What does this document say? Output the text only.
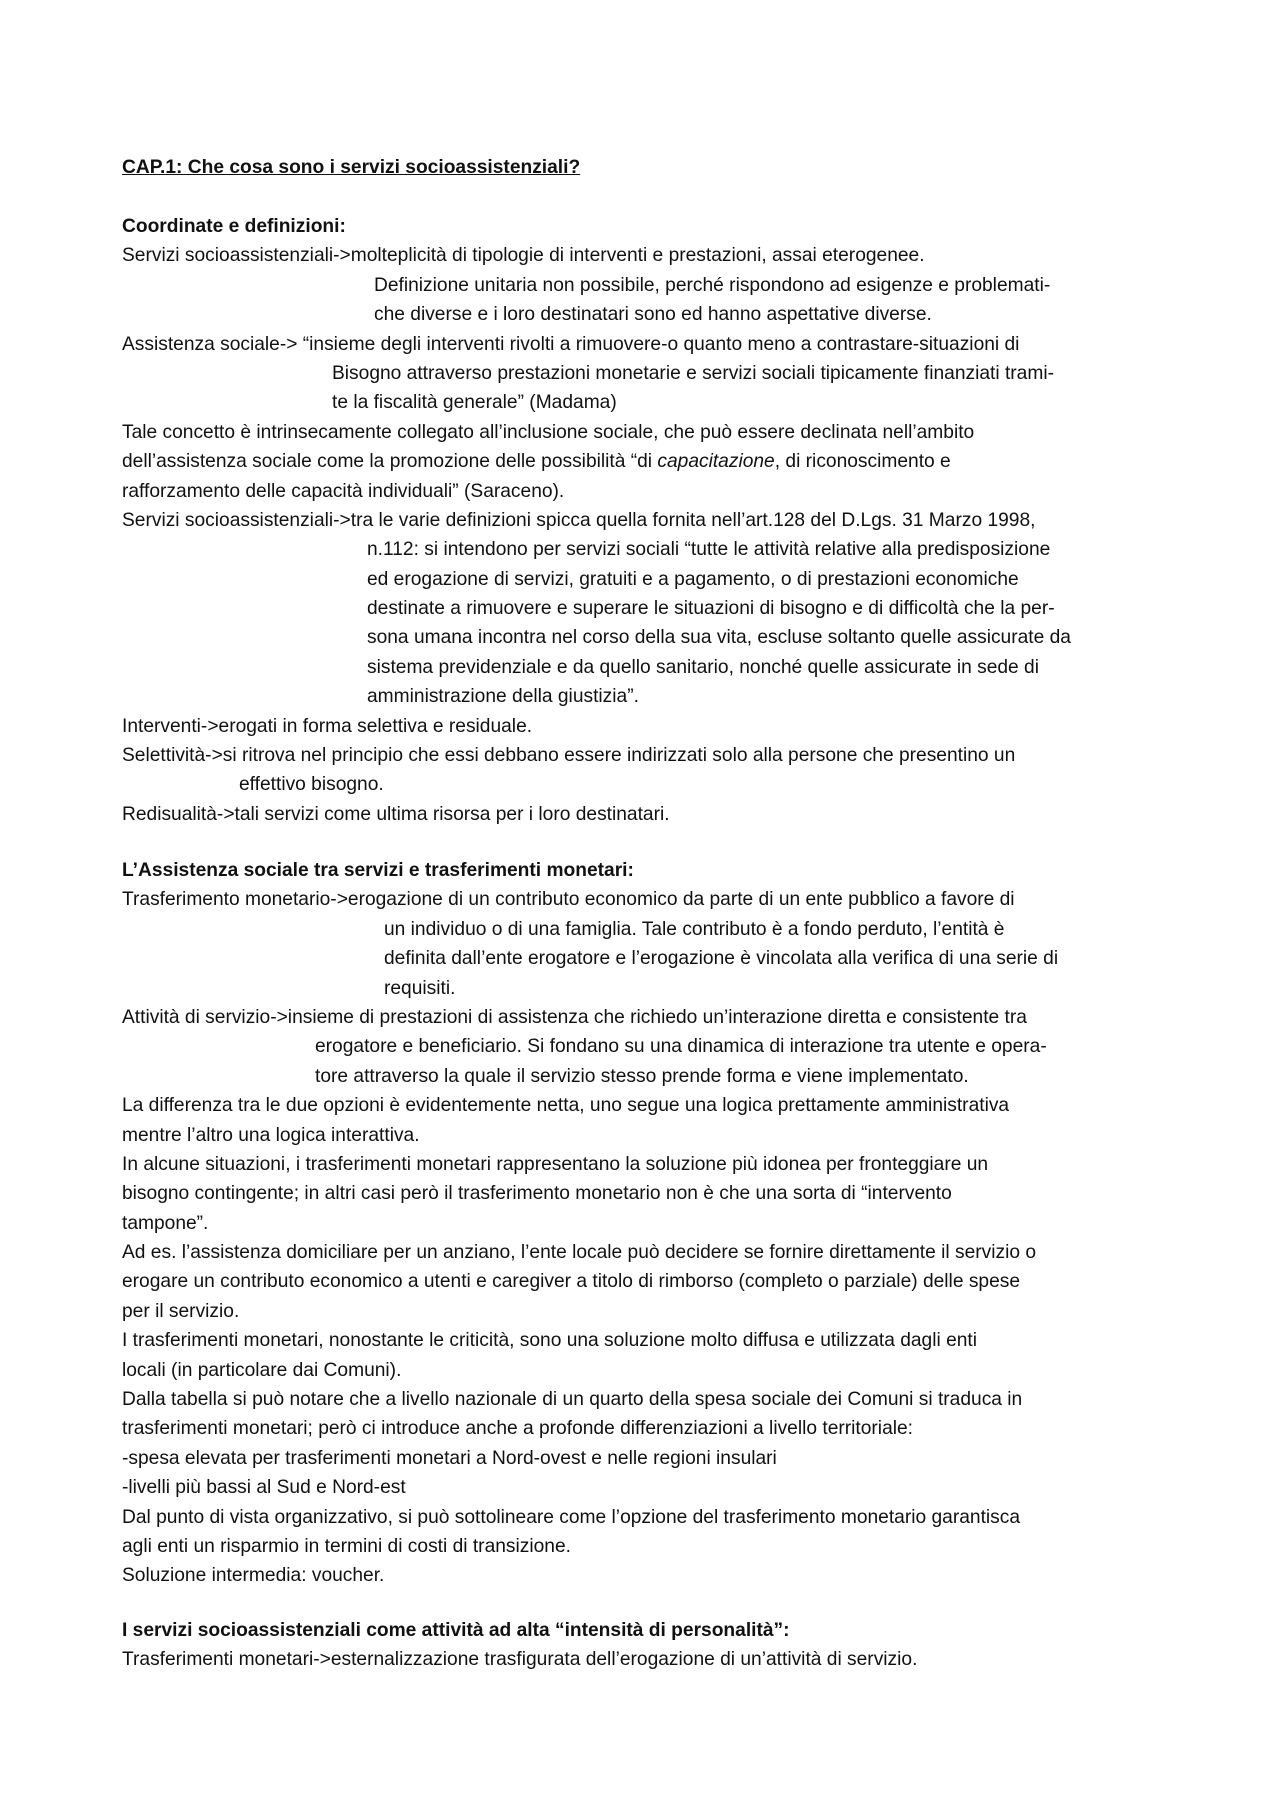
CAP.1: Che cosa sono i servizi socioassistenziali?
Coordinate e definizioni:
Servizi socioassistenziali->molteplicità di tipologie di interventi e prestazioni, assai eterogenee.
Definizione unitaria non possibile, perché rispondono ad esigenze e problemati-
che diverse e i loro destinatari sono ed hanno aspettative diverse.
Assistenza sociale-> “insieme degli interventi rivolti a rimuovere-o quanto meno a contrastare-situazioni di
Bisogno attraverso prestazioni monetarie e servizi sociali tipicamente finanziati trami-
te la fiscalità generale” (Madama)
Tale concetto è intrinsecamente collegato all’inclusione sociale, che può essere declinata nell’ambito
dell’assistenza sociale come la promozione delle possibilità “di capacitazione, di riconoscimento e
rafforzamento delle capacità individuali” (Saraceno).
Servizi socioassistenziali->tra le varie definizioni spicca quella fornita nell’art.128 del D.Lgs. 31 Marzo 1998,
n.112: si intendono per servizi sociali “tutte le attività relative alla predisposizione
ed erogazione di servizi, gratuiti e a pagamento, o di prestazioni economiche
destinate a rimuovere e superare le situazioni di bisogno e di difficoltà che la per-
sona umana incontra nel corso della sua vita, escluse soltanto quelle assicurate da
sistema previdenziale e da quello sanitario, nonché quelle assicurate in sede di
amministrazione della giustizia”.
Interventi->erogati in forma selettiva e residuale.
Selettività->si ritrova nel principio che essi debbano essere indirizzati solo alla persone che presentino un
effettivo bisogno.
Redisualità->tali servizi come ultima risorsa per i loro destinatari.
L’Assistenza sociale tra servizi e trasferimenti monetari:
Trasferimento monetario->erogazione di un contributo economico da parte di un ente pubblico a favore di
un individuo o di una famiglia. Tale contributo è a fondo perduto, l’entità è
definita dall’ente erogatore e l’erogazione è vincolata alla verifica di una serie di
requisiti.
Attività di servizio->insieme di prestazioni di assistenza che richiedo un’interazione diretta e consistente tra
erogatore e beneficiario. Si fondano su una dinamica di interazione tra utente e opera-
tore attraverso la quale il servizio stesso prende forma e viene implementato.
La differenza tra le due opzioni è evidentemente netta, uno segue una logica prettamente amministrativa
mentre l’altro una logica interattiva.
In alcune situazioni, i trasferimenti monetari rappresentano la soluzione più idonea per fronteggiare un
bisogno contingente; in altri casi però il trasferimento monetario non è che una sorta di “intervento
tampone”.
Ad es. l’assistenza domiciliare per un anziano, l’ente locale può decidere se fornire direttamente il servizio o
erogare un contributo economico a utenti e caregiver a titolo di rimborso (completo o parziale) delle spese
per il servizio.
I trasferimenti monetari, nonostante le criticità, sono una soluzione molto diffusa e utilizzata dagli enti
locali (in particolare dai Comuni).
Dalla tabella si può notare che a livello nazionale di un quarto della spesa sociale dei Comuni si traduca in
trasferimenti monetari; però ci introduce anche a profonde differenziazioni a livello territoriale:
-spesa elevata per trasferimenti monetari a Nord-ovest e nelle regioni insulari
-livelli più bassi al Sud e Nord-est
Dal punto di vista organizzativo, si può sottolineare come l’opzione del trasferimento monetario garantisca
agli enti un risparmio in termini di costi di transizione.
Soluzione intermedia: voucher.
I servizi socioassistenziali come attività ad alta “intensità di personalità”:
Trasferimenti monetari->esternalizzazione trasfigurata dell’erogazione di un’attività di servizio.
